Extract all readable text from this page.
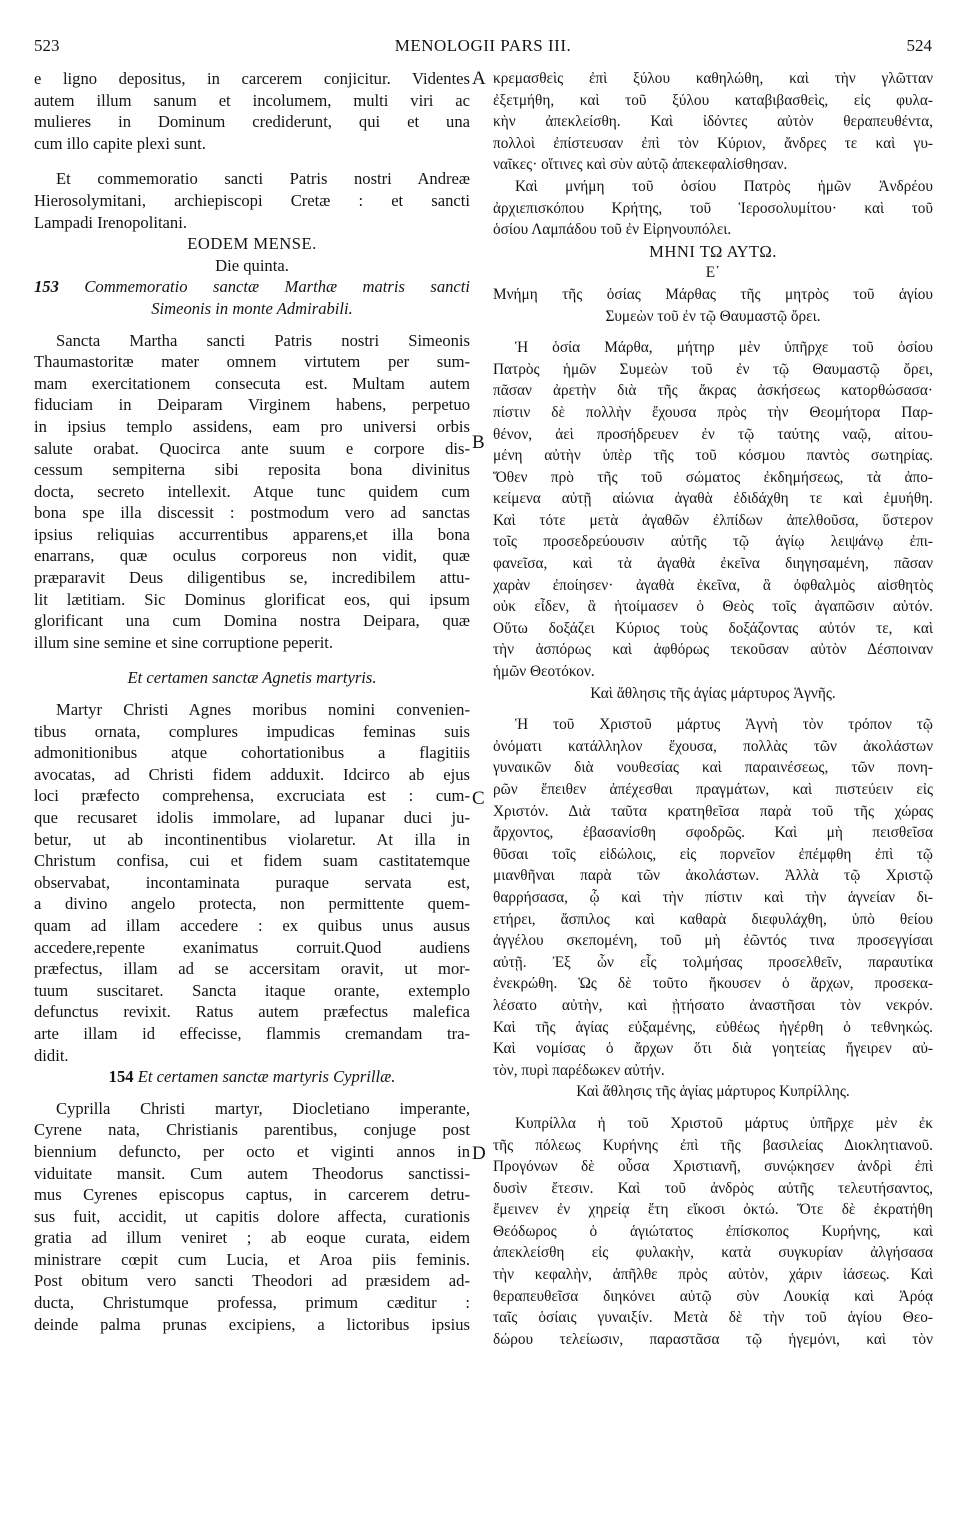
523	MENOLOGII PARS III.	524
A
B
C
D
e ligno depositus, in carcerem conjicitur. Videntes
autem illum sanum et incolumem, multi viri ac
mulieres in Dominum crediderunt, qui et una
cum illo capite plexi sunt.
Et commemoratio sancti Patris nostri Andreæ
Hierosolymitani, archiepiscopi Cretæ : et sancti
Lampadi Irenopolitani.
EODEM MENSE.
Die quinta.
153 Commemoratio sanctæ Marthæ matris sancti
Simeonis in monte Admirabili.
Sancta Martha sancti Patris nostri Simeonis
Thaumastoritæ mater omnem virtutem per sum-
mam exercitationem consecuta est. Multam autem
fiduciam in Deiparam Virginem habens, perpetuo
in ipsius templo assidens, eam pro universi orbis
salute orabat. Quocirca ante suum e corpore dis-
cessum sempiterna sibi reposita bona divinitus
docta, secreto intellexit. Atque tunc quidem cum
bona spe illa discessit : postmodum vero ad sanctas
ipsius reliquias accurrentibus apparens,et illa bona
enarrans, quæ oculus corporeus non vidit, quæ
præparavit Deus diligentibus se, incredibilem attu-
lit lætitiam. Sic Dominus glorificat eos, qui ipsum
glorificant una cum Domina nostra Deipara, quæ
illum sine semine et sine corruptione peperit.
Et certamen sanctæ Agnetis martyris.
Martyr Christi Agnes moribus nomini convenien-
tibus ornata, complures impudicas feminas suis
admonitionibus atque cohortationibus a flagitiis
avocatas, ad Christi fidem adduxit. Idcirco ab ejus
loci præfecto comprehensa, excruciata est : cum-
que recusaret idolis immolare, ad lupanar duci ju-
betur, ut ab incontinentibus violaretur. At illa in
Christum confisa, cui et fidem suam castitatemque
observabat, incontaminata puraque servata est,
a divino angelo protecta, non permittente quem-
quam ad illam accedere : ex quibus unus ausus
accedere,repente exanimatus corruit.Quod audiens
præfectus, illam ad se accersitam oravit, ut mor-
tuum suscitaret. Sancta itaque orante, extemplo
defunctus revixit. Ratus autem præfectus malefica
arte illam id effecisse, flammis cremandam tra-
didit.
154 Et certamen sanctæ martyris Cyprillæ.
Cyprilla Christi martyr, Diocletiano imperante,
Cyrene nata, Christianis parentibus, conjuge post
biennium defuncto, per octo et viginti annos in
viduitate mansit. Cum autem Theodorus sanctissi-
mus Cyrenes episcopus captus, in carcerem detru-
sus fuit, accidit, ut capitis dolore affecta, curationis
gratia ad illum veniret ; ab eoque curata, eidem
ministrare cœpit cum Lucia, et Aroa piis feminis.
Post obitum vero sancti Theodori ad præsidem ad-
ducta, Christumque professa, primum cæditur :
deinde palma prunas excipiens, a lictoribus ipsius
κρεμασθεὶς ἐπὶ ξύλου καθηλώθη, καὶ τὴν γλῶτταν
ἐξετμήθη, καὶ τοῦ ξύλου καταβιβασθεὶς, εἰς φυλα-
κὴν ἀπεκλείσθη. Καὶ ἰδόντες αὐτὸν θεραπευθέντα,
πολλοὶ ἐπίστευσαν ἐπὶ τὸν Κύριον, ἄνδρες τε καὶ γυ-
ναῖκες· οἵτινες καὶ σὺν αὐτῷ ἀπεκεφαλίσθησαν.
Καὶ μνήμη τοῦ ὁσίου Πατρὸς ἡμῶν Ἀνδρέου
ἀρχιεπισκόπου Κρήτης, τοῦ Ἱεροσολυμίτου· καὶ τοῦ
ὁσίου Λαμπάδου τοῦ ἐν Εἰρηνουπόλει.
ΜΗΝΙ ΤΩ ΑΥΤΩ.
Ε΄
Μνήμη τῆς ὁσίας Μάρθας τῆς μητρὸς τοῦ ἁγίου
Συμεὼν τοῦ ἐν τῷ Θαυμαστῷ ὄρει.
Ἡ ὁσία Μάρθα, μήτηρ μὲν ὑπῆρχε τοῦ ὁσίου
Πατρὸς ἡμῶν Συμεὼν τοῦ ἐν τῷ Θαυμαστῷ ὄρει,
πᾶσαν ἀρετὴν διὰ τῆς ἄκρας ἀσκήσεως κατορθώσασα·
πίστιν δὲ πολλὴν ἔχουσα πρὸς τὴν Θεομήτορα Παρ-
θένον, ἀεὶ προσήδρευεν ἐν τῷ ταύτης ναῷ, αἰτου-
μένη αὐτὴν ὑπὲρ τῆς τοῦ κόσμου παντὸς σωτηρίας.
Ὅθεν πρὸ τῆς τοῦ σώματος ἐκδημήσεως, τὰ ἀπο-
κείμενα αὐτῇ αἰώνια ἀγαθὰ ἐδιδάχθη τε καὶ ἐμυήθη.
Καὶ τότε μετὰ ἀγαθῶν ἐλπίδων ἀπελθοῦσα, ὕστερον
τοῖς προσεδρεύουσιν αὐτῆς τῷ ἁγίῳ λειψάνῳ ἐπι-
φανεῖσα, καὶ τὰ ἀγαθὰ ἐκεῖνα διηγησαμένη, πᾶσαν
χαρὰν ἐποίησεν· ἀγαθὰ ἐκεῖνα, ἃ ὀφθαλμὸς αἰσθητὸς
οὐκ εἶδεν, ἃ ἡτοίμασεν ὁ Θεὸς τοῖς ἀγαπῶσιν αὐτόν.
Οὕτω δοξάζει Κύριος τοὺς δοξάζοντας αὐτόν τε, καὶ
τὴν ἀσπόρως καὶ ἀφθόρως τεκοῦσαν αὐτὸν Δέσποιναν
ἡμῶν Θεοτόκον.
Καὶ ἄθλησις τῆς ἁγίας μάρτυρος Ἁγνῆς.
Ἡ τοῦ Χριστοῦ μάρτυς Ἁγνὴ τὸν τρόπον τῷ
ὀνόματι κατάλληλον ἔχουσα, πολλὰς τῶν ἀκολάστων
γυναικῶν διὰ νουθεσίας καὶ παραινέσεως, τῶν πονη-
ρῶν ἔπειθεν ἀπέχεσθαι πραγμάτων, καὶ πιστεύειν εἰς
Χριστόν. Διὰ ταῦτα κρατηθεῖσα παρὰ τοῦ τῆς χώρας
ἄρχοντος, ἐβασανίσθη σφοδρῶς. Καὶ μὴ πεισθεῖσα
θῦσαι τοῖς εἰδώλοις, εἰς πορνεῖον ἐπέμφθη ἐπὶ τῷ
μιανθῆναι παρὰ τῶν ἀκολάστων. Ἀλλὰ τῷ Χριστῷ
θαρρήσασα, ᾧ καὶ τὴν πίστιν καὶ τὴν ἁγνείαν δι-
ετήρει, ἄσπιλος καὶ καθαρὰ διεφυλάχθη, ὑπὸ θείου
ἀγγέλου σκεπομένη, τοῦ μὴ ἐῶντός τινα προσεγγίσαι
αὐτῇ. Ἐξ ὧν εἷς τολμήσας προσελθεῖν, παραυτίκα
ἐνεκρώθη. Ὡς δὲ τοῦτο ἤκουσεν ὁ ἄρχων, προσεκα-
λέσατο αὐτὴν, καὶ ᾐτήσατο ἀναστῆσαι τὸν νεκρόν.
Καὶ τῆς ἁγίας εὐξαμένης, εὐθέως ἠγέρθη ὁ τεθνηκώς.
Καὶ νομίσας ὁ ἄρχων ὅτι διὰ γοητείας ἤγειρεν αὐ-
τὸν, πυρὶ παρέδωκεν αὐτήν.
Καὶ ἄθλησις τῆς ἁγίας μάρτυρος Κυπρίλλης.
Κυπρίλλα ἡ τοῦ Χριστοῦ μάρτυς ὑπῆρχε μὲν ἐκ
τῆς πόλεως Κυρήνης ἐπὶ τῆς βασιλείας Διοκλητιανοῦ.
Προγόνων δὲ οὖσα Χριστιανῆ, συνῴκησεν ἀνδρὶ ἐπὶ
δυσὶν ἔτεσιν. Καὶ τοῦ ἀνδρὸς αὐτῆς τελευτήσαντος,
ἔμεινεν ἐν χηρείᾳ ἔτη εἴκοσι ὀκτώ. Ὅτε δὲ ἐκρατήθη
Θεόδωρος ὁ ἁγιώτατος ἐπίσκοπος Κυρήνης, καὶ
ἀπεκλείσθη εἰς φυλακὴν, κατὰ συγκυρίαν ἀλγήσασα
τὴν κεφαλὴν, ἀπῆλθε πρὸς αὐτὸν, χάριν ἰάσεως. Καὶ
θεραπευθεῖσα διηκόνει αὐτῷ σὺν Λουκίᾳ καὶ Ἀρόᾳ
ταῖς ὁσίαις γυναιξίν. Μετὰ δὲ τὴν τοῦ ἁγίου Θεο-
δώρου τελείωσιν, παραστᾶσα τῷ ἡγεμόνι, καὶ τὸν
